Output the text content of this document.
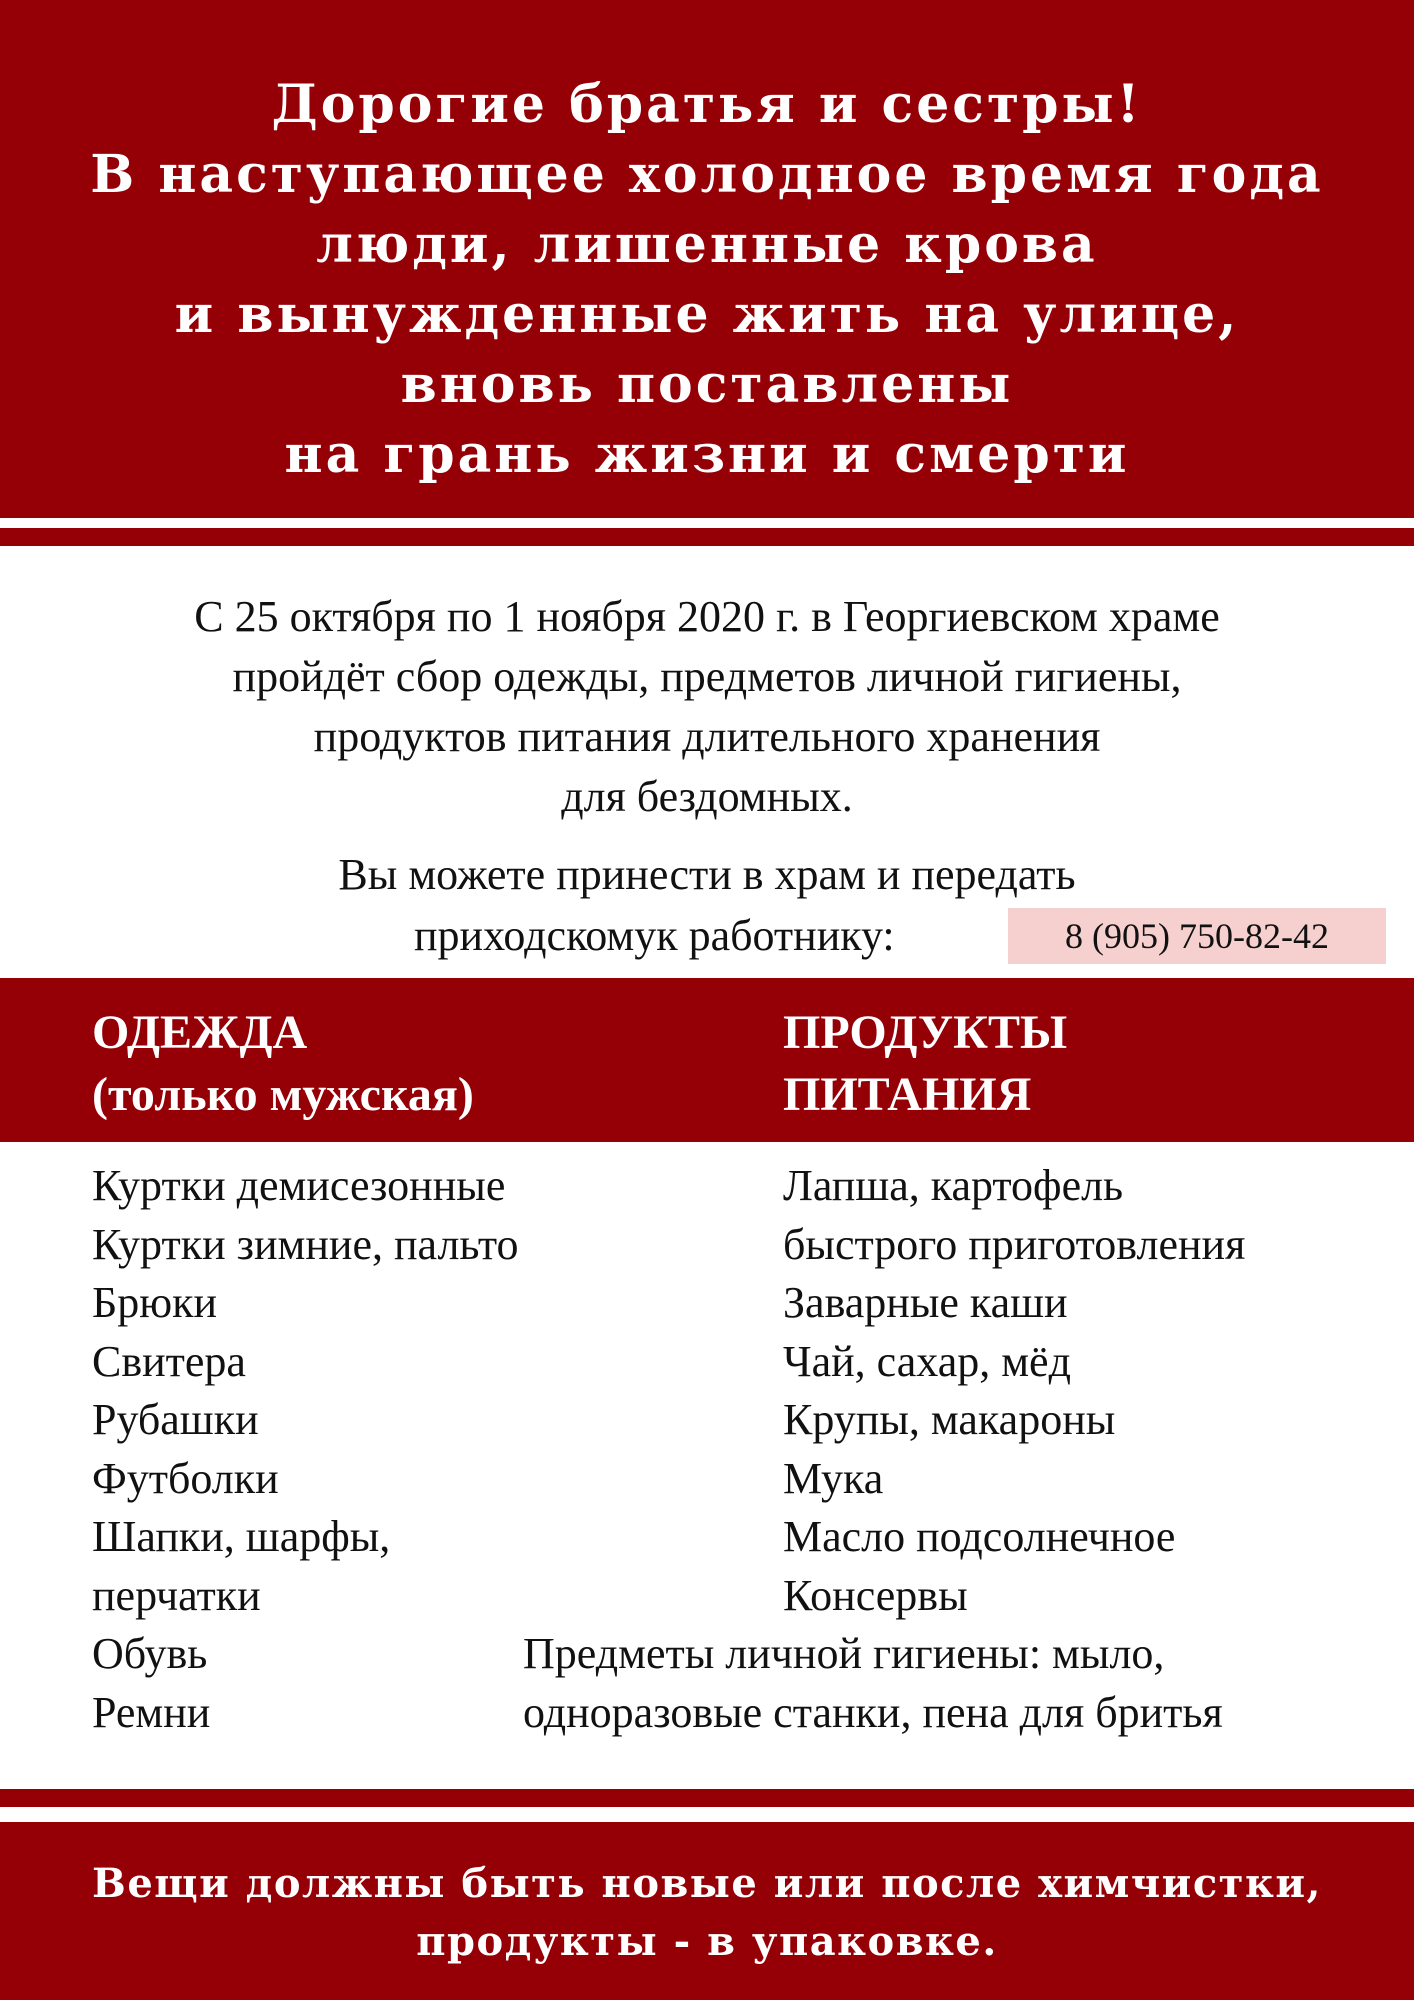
Дорогие братья и сестры!
В наступающее холодное время года
люди, лишенные крова
и вынужденные жить на улице,
вновь поставлены
на грань жизни и смерти
С 25 октября по 1 ноября 2020 г. в Георгиевском храме
пройдёт сбор одежды, предметов личной гигиены,
продуктов питания длительного хранения
для бездомных.
Вы можете принести в храм и передать
приходскомук работнику:	8 (905) 750-82-42
ОДЕЖДА
(только мужская)
ПРОДУКТЫ
ПИТАНИЯ
Куртки демисезонные
Куртки зимние, пальто
Брюки
Свитера
Рубашки
Футболки
Шапки, шарфы,
перчатки
Обувь
Ремни
Лапша, картофель
быстрого приготовления
Заварные каши
Чай, сахар, мёд
Крупы, макароны
Мука
Масло подсолнечное
Консервы
Предметы личной гигиены: мыло,
одноразовые станки, пена для бритья
Вещи должны быть новые или после химчистки,
продукты - в упаковке.
